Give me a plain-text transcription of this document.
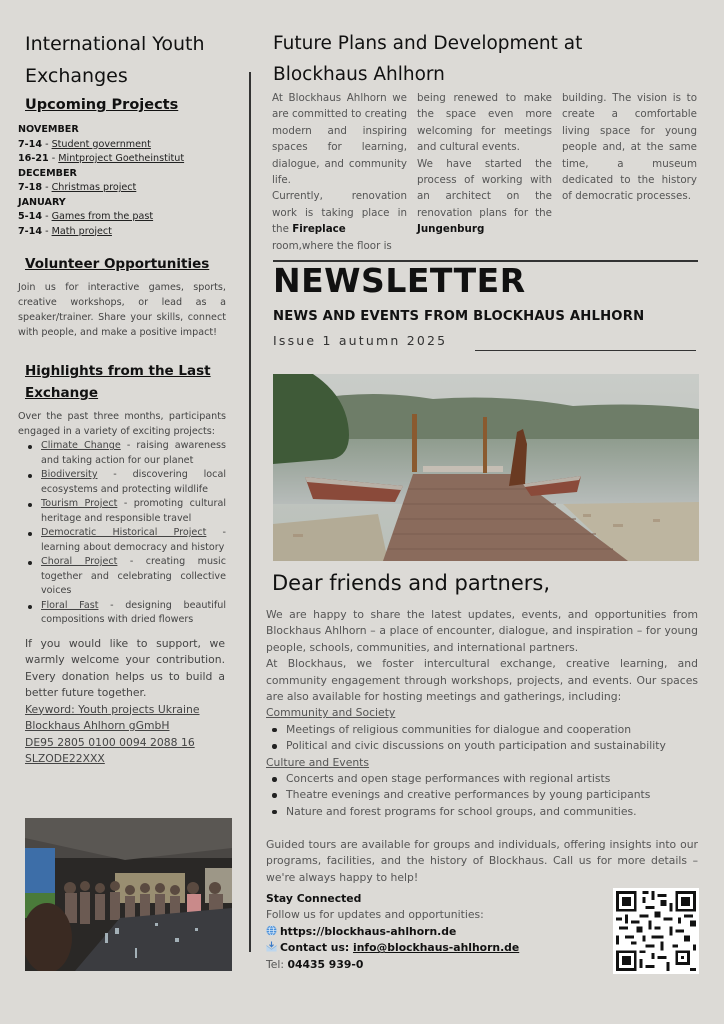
International Youth
Exchanges
Upcoming Projects
NOVEMBER
7-14 - Student government
16-21 - Mintproject Goetheinstitut
DECEMBER
7-18 - Christmas project
JANUARY
5-14 - Games from the past
7-14 - Math project
Volunteer Opportunities
Join us for interactive games, sports, creative workshops, or lead as a speaker/trainer. Share your skills, connect with people, and make a positive impact!
Highlights from the Last
Exchange
Over the past three months, participants engaged in a variety of exciting projects:
Climate Change - raising awareness and taking action for our planet
Biodiversity - discovering local ecosystems and protecting wildlife
Tourism Project - promoting cultural heritage and responsible travel
Democratic Historical Project - learning about democracy and history
Choral Project - creating music together and celebrating collective voices
Floral Fast - designing beautiful compositions with dried flowers
If you would like to support, we warmly welcome your contribution. Every donation helps us to build a better future together.
Keyword: Youth projects Ukraine
Blockhaus Ahlhorn gGmbH
DE95 2805 0100 0094 2088 16
SLZODE22XXX
Future Plans and Development at
Blockhaus Ahlhorn
At Blockhaus Ahlhorn we are committed to creating modern and inspiring spaces for learning, dialogue, and community life.
Currently, renovation work is taking place in the Fireplace
room,where the floor is
being renewed to make the space even more welcoming for meetings and cultural events.
We have started the process of working with an architect on the renovation plans for the Jungenburg
building. The vision is to create a comfortable living space for young people and, at the same time, a museum dedicated to the history of democratic processes.
NEWSLETTER
NEWS AND EVENTS FROM BLOCKHAUS AHLHORN
Issue 1 autumn 2025
Dear friends and partners,
We are happy to share the latest updates, events, and opportunities from Blockhaus Ahlhorn – a place of encounter, dialogue, and inspiration – for young people, schools, communities, and international partners.
At Blockhaus, we foster intercultural exchange, creative learning, and community engagement through workshops, projects, and events. Our spaces are also available for hosting meetings and gatherings, including:
Community and Society
Meetings of religious communities for dialogue and cooperation
Political and civic discussions on youth participation and sustainability
Culture and Events
Concerts and open stage performances with regional artists
Theatre evenings and creative performances by young participants
Nature and forest programs for school groups, and communities.
Guided tours are available for groups and individuals, offering insights into our programs, facilities, and the history of Blockhaus. Call us for more details – we're always happy to help!
Stay Connected
Follow us for updates and opportunities:
https://blockhaus-ahlhorn.de
Contact us: info@blockhaus-ahlhorn.de
Tel: 04435 939-0
